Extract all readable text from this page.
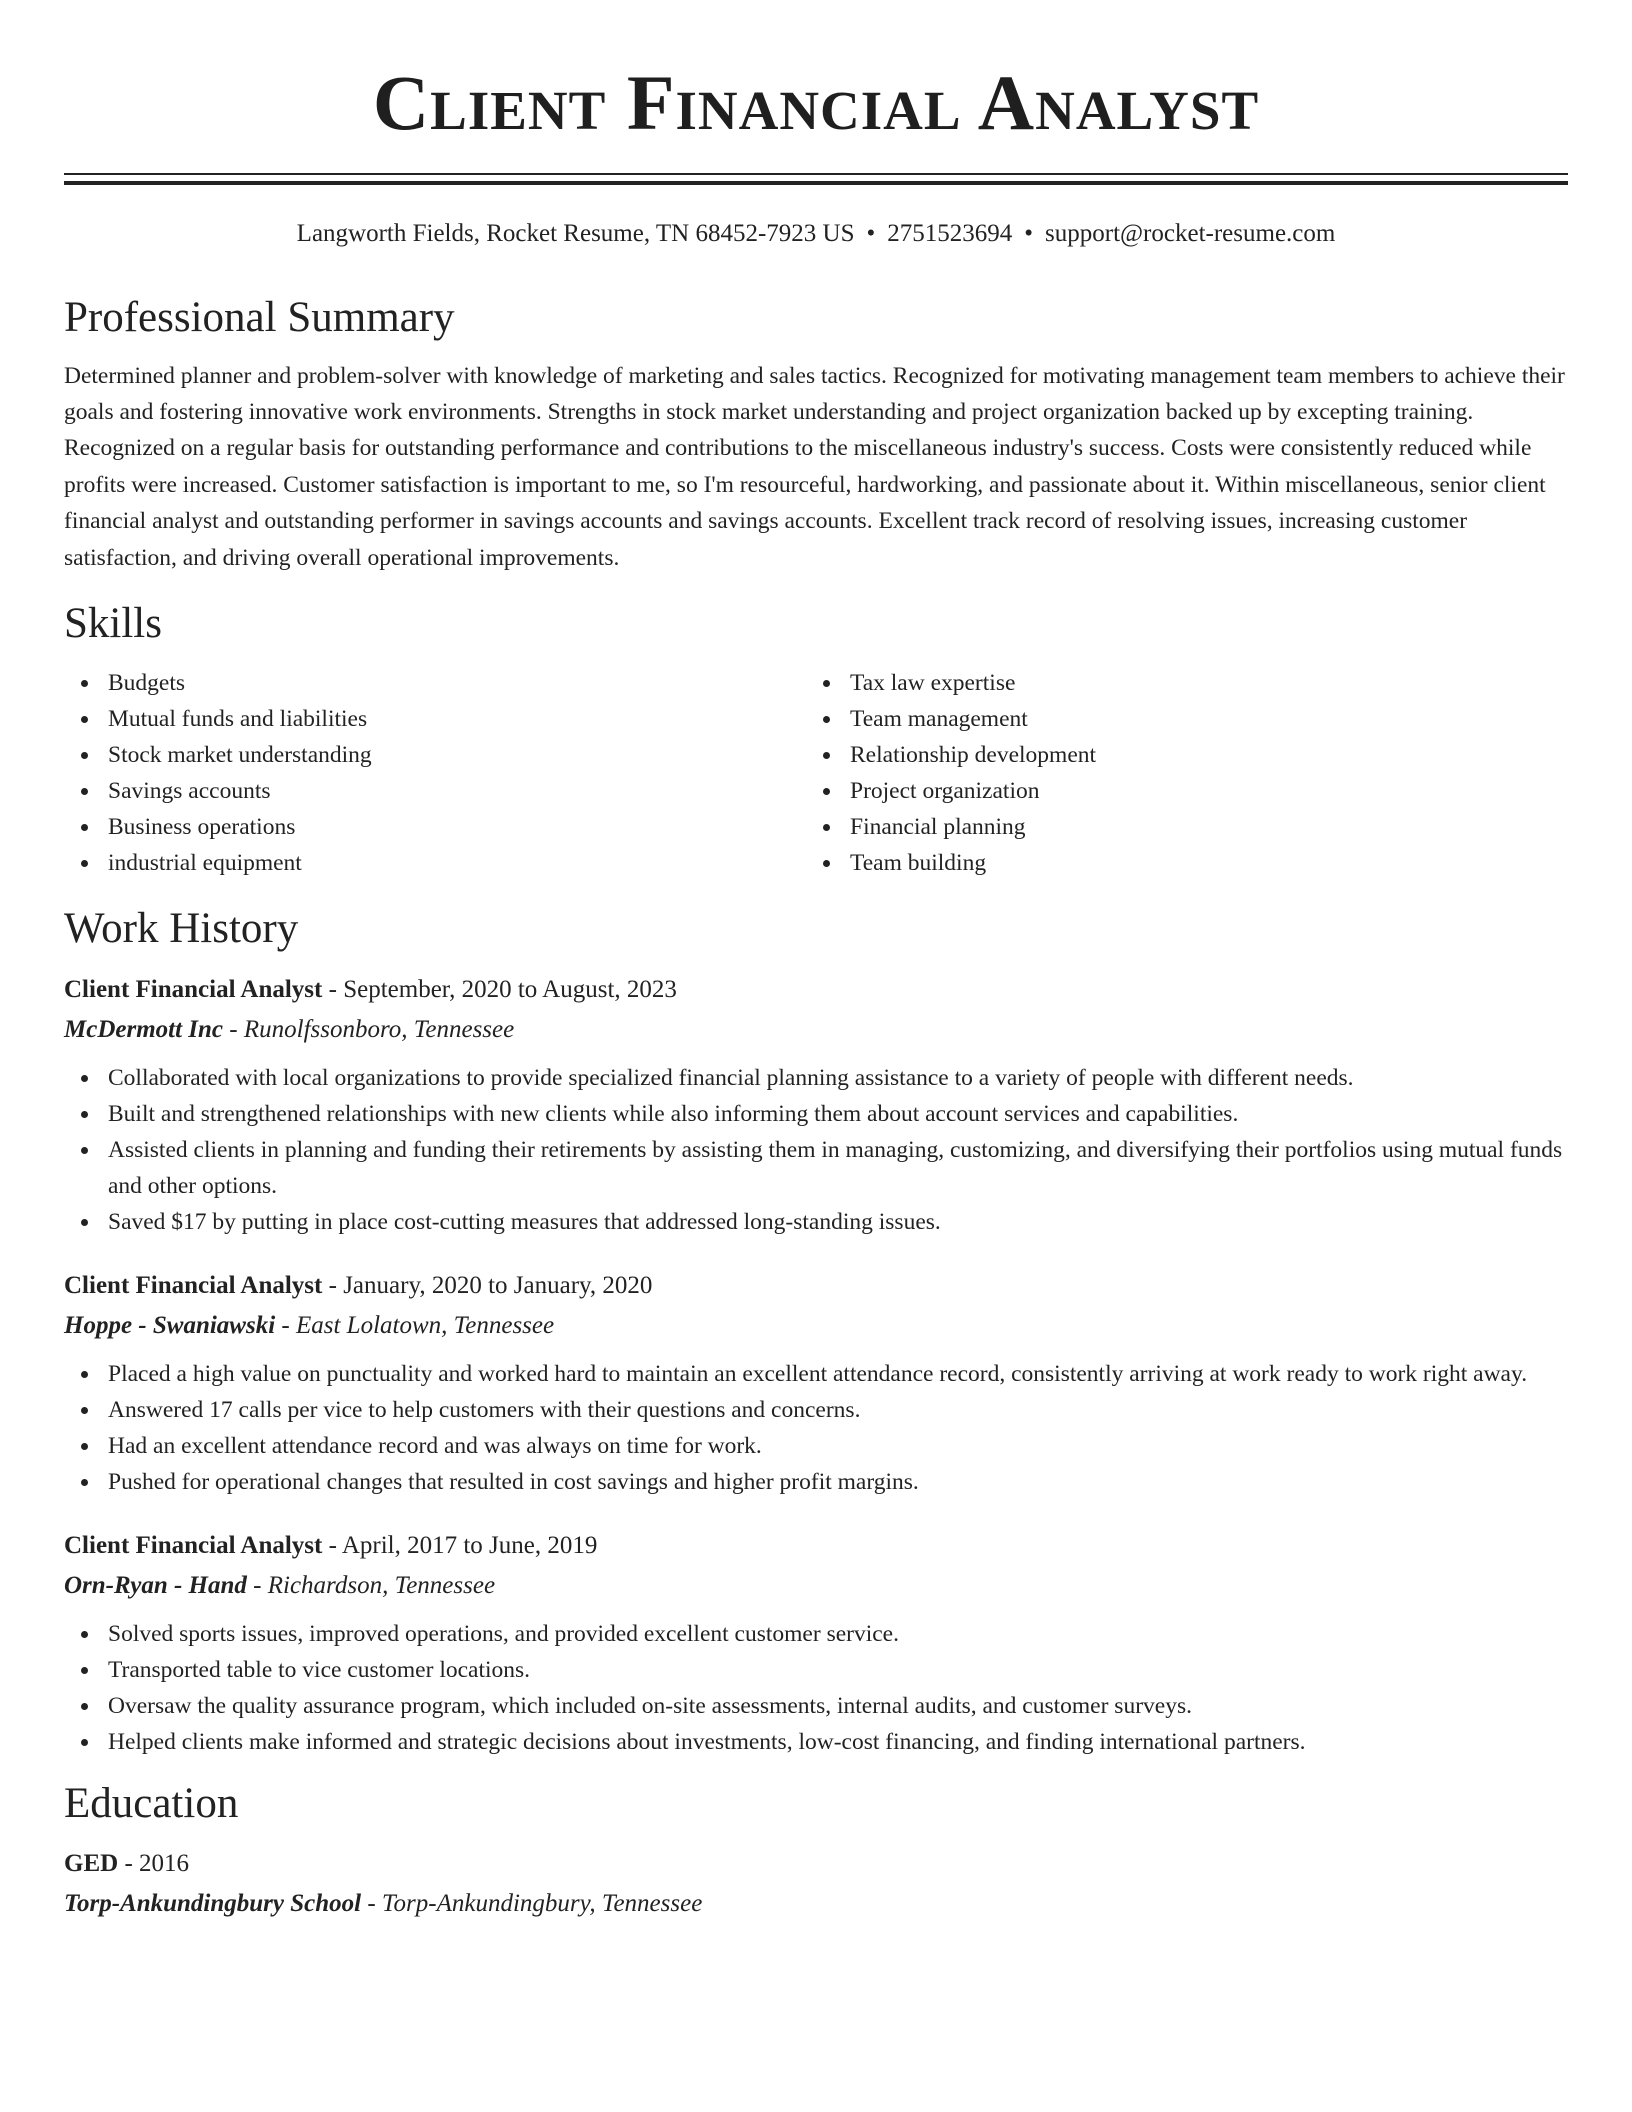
Client Financial Analyst
Langworth Fields, Rocket Resume, TN 68452-7923 US • 2751523694 • support@rocket-resume.com
Professional Summary

Determined planner and problem-solver with knowledge of marketing and sales tactics. Recognized for motivating management team members to achieve their goals and fostering innovative work environments. Strengths in stock market understanding and project organization backed up by excepting training. Recognized on a regular basis for outstanding performance and contributions to the miscellaneous industry's success. Costs were consistently reduced while profits were increased. Customer satisfaction is important to me, so I'm resourceful, hardworking, and passionate about it. Within miscellaneous, senior client financial analyst and outstanding performer in savings accounts and savings accounts. Excellent track record of resolving issues, increasing customer satisfaction, and driving overall operational improvements.

Skills
Budgets
Mutual funds and liabilities
Stock market understanding
Savings accounts
Business operations
industrial equipment
Tax law expertise
Team management
Relationship development
Project organization
Financial planning
Team building
Work History
Client Financial Analyst - September, 2020 to August, 2023
McDermott Inc - Runolfssonboro, Tennessee
Collaborated with local organizations to provide specialized financial planning assistance to a variety of people with different needs.
Built and strengthened relationships with new clients while also informing them about account services and capabilities.
Assisted clients in planning and funding their retirements by assisting them in managing, customizing, and diversifying their portfolios using mutual funds and other options.
Saved $17 by putting in place cost-cutting measures that addressed long-standing issues.
Client Financial Analyst - January, 2020 to January, 2020
Hoppe - Swaniawski - East Lolatown, Tennessee
Placed a high value on punctuality and worked hard to maintain an excellent attendance record, consistently arriving at work ready to work right away.
Answered 17 calls per vice to help customers with their questions and concerns.
Had an excellent attendance record and was always on time for work.
Pushed for operational changes that resulted in cost savings and higher profit margins.
Client Financial Analyst - April, 2017 to June, 2019
Orn-Ryan - Hand - Richardson, Tennessee
Solved sports issues, improved operations, and provided excellent customer service.
Transported table to vice customer locations.
Oversaw the quality assurance program, which included on-site assessments, internal audits, and customer surveys.
Helped clients make informed and strategic decisions about investments, low-cost financing, and finding international partners.
Education
GED - 2016
Torp-Ankundingbury School - Torp-Ankundingbury, Tennessee
